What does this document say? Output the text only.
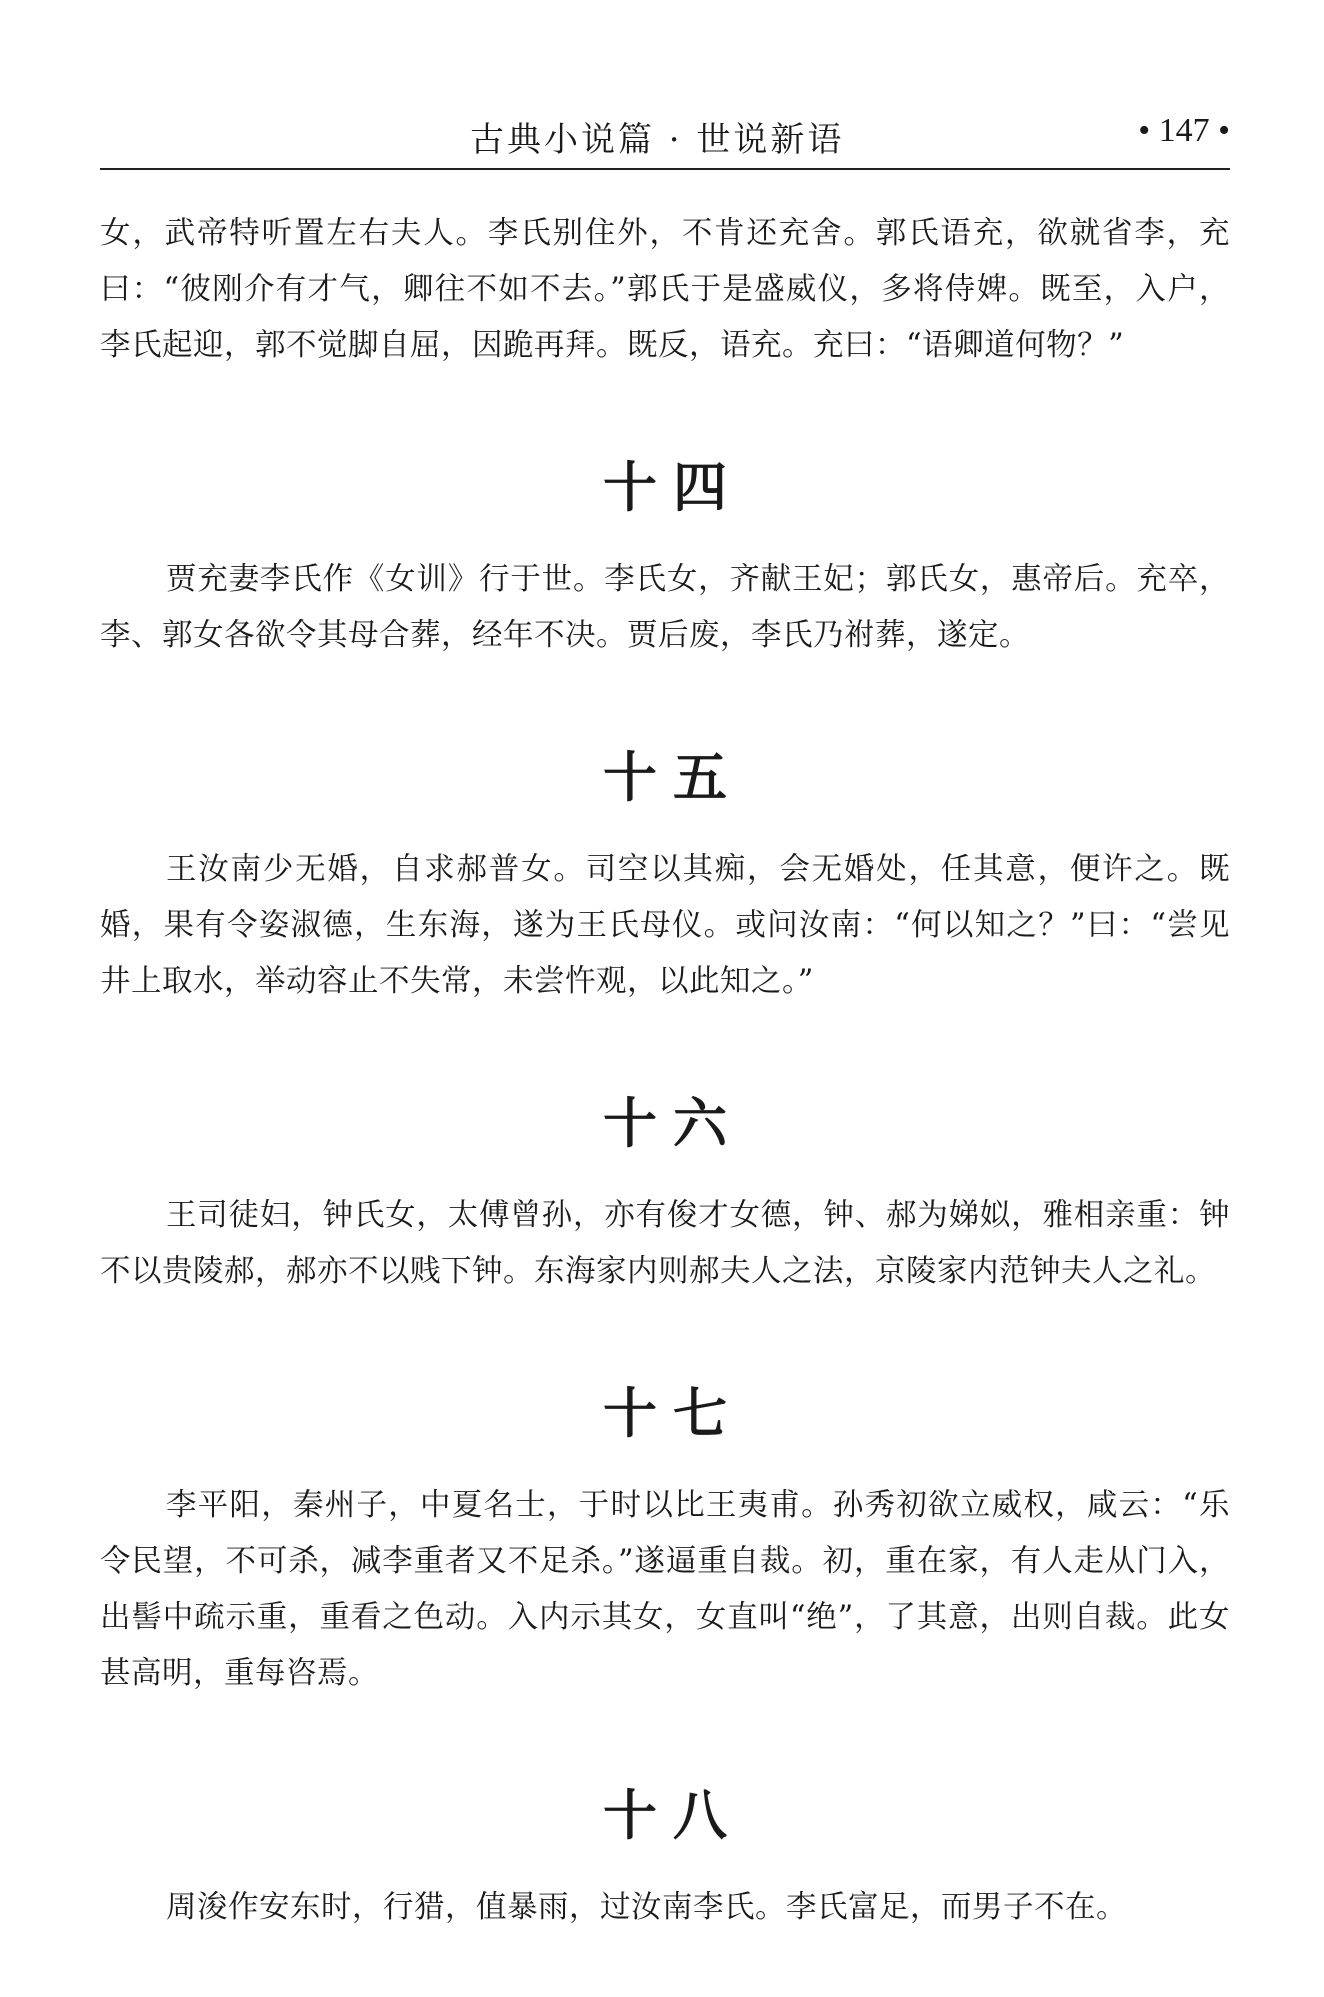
古典小说篇 · 世说新语	• 147 •

女，武帝特听置左右夫人。李氏别住外，不肯还充舍。郭氏语充，欲就省李，充曰：“彼刚介有才气，卿往不如不去。”郭氏于是盛威仪，多将侍婢。既至，入户，李氏起迎，郭不觉脚自屈，因跪再拜。既反，语充。充曰：“语卿道何物？”

十四

贾充妻李氏作《女训》行于世。李氏女，齐献王妃；郭氏女，惠帝后。充卒，李、郭女各欲令其母合葬，经年不决。贾后废，李氏乃祔葬，遂定。

十五

王汝南少无婚，自求郝普女。司空以其痴，会无婚处，任其意，便许之。既婚，果有令姿淑德，生东海，遂为王氏母仪。或问汝南：“何以知之？”曰：“尝见井上取水，举动容止不失常，未尝忤观，以此知之。”

十六

王司徒妇，钟氏女，太傅曾孙，亦有俊才女德，钟、郝为娣姒，雅相亲重：钟不以贵陵郝，郝亦不以贱下钟。东海家内则郝夫人之法，京陵家内范钟夫人之礼。

十七

李平阳，秦州子，中夏名士，于时以比王夷甫。孙秀初欲立威权，咸云：“乐令民望，不可杀，减李重者又不足杀。”遂逼重自裁。初，重在家，有人走从门入，出髻中疏示重，重看之色动。入内示其女，女直叫“绝”，了其意，出则自裁。此女甚高明，重每咨焉。

十八

周浚作安东时，行猎，值暴雨，过汝南李氏。李氏富足，而男子不在。
